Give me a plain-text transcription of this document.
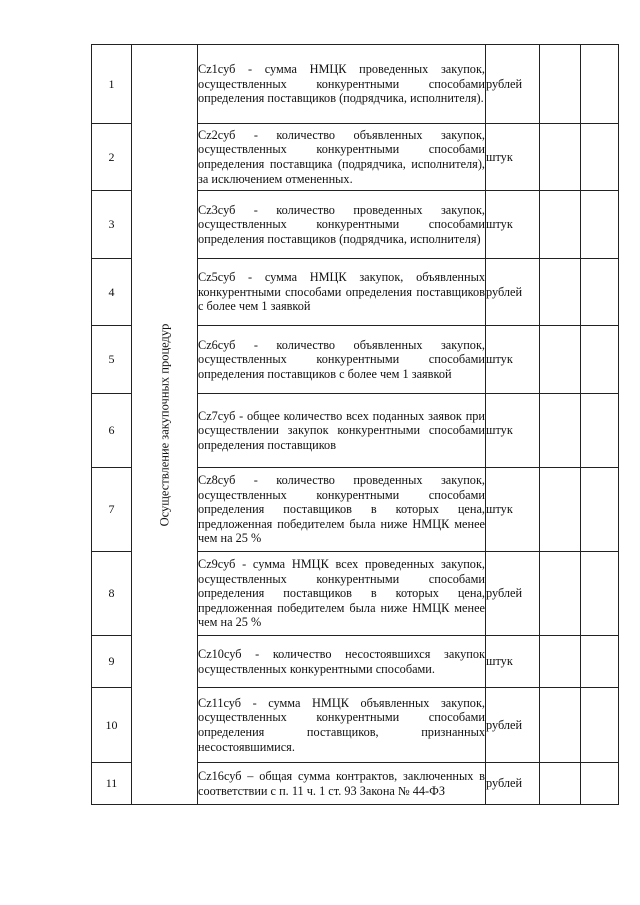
1	Осуществление закупочных процедур	Cz1суб - сумма НМЦК проведенных закупок, осуществленных конкурентными способами определения поставщиков (подрядчика, исполнителя).	рублей		
2		Cz2суб - количество объявленных закупок, осуществленных конкурентными способами определения поставщика (подрядчика, исполнителя), за исключением отмененных.	штук		
3		Cz3суб - количество проведенных закупок, осуществленных конкурентными способами определения поставщиков (подрядчика, исполнителя)	штук		
4		Cz5суб - сумма НМЦК закупок, объявленных конкурентными способами определения поставщиков с более чем 1 заявкой	рублей		
5		Cz6суб - количество объявленных закупок, осуществленных конкурентными способами определения поставщиков с более чем 1 заявкой	штук		
6		Cz7суб - общее количество всех поданных заявок при осуществлении закупок конкурентными способами определения поставщиков	штук		
7		Cz8суб - количество проведенных закупок, осуществленных конкурентными способами определения поставщиков в которых цена, предложенная победителем была ниже НМЦК менее чем на 25 %	штук		
8		Cz9суб - сумма НМЦК всех проведенных закупок, осуществленных конкурентными способами определения поставщиков в которых цена, предложенная победителем была ниже НМЦК менее чем на 25 %	рублей		
9		Cz10суб - количество несостоявшихся закупок осуществленных конкурентными способами.	штук		
10		Cz11суб - сумма НМЦК объявленных закупок, осуществленных конкурентными способами определения поставщиков, признанных несостоявшимися.	рублей		
11		Cz16суб – общая сумма контрактов, заключенных в соответствии с п. 11 ч. 1 ст. 93 Закона № 44-ФЗ	рублей		
